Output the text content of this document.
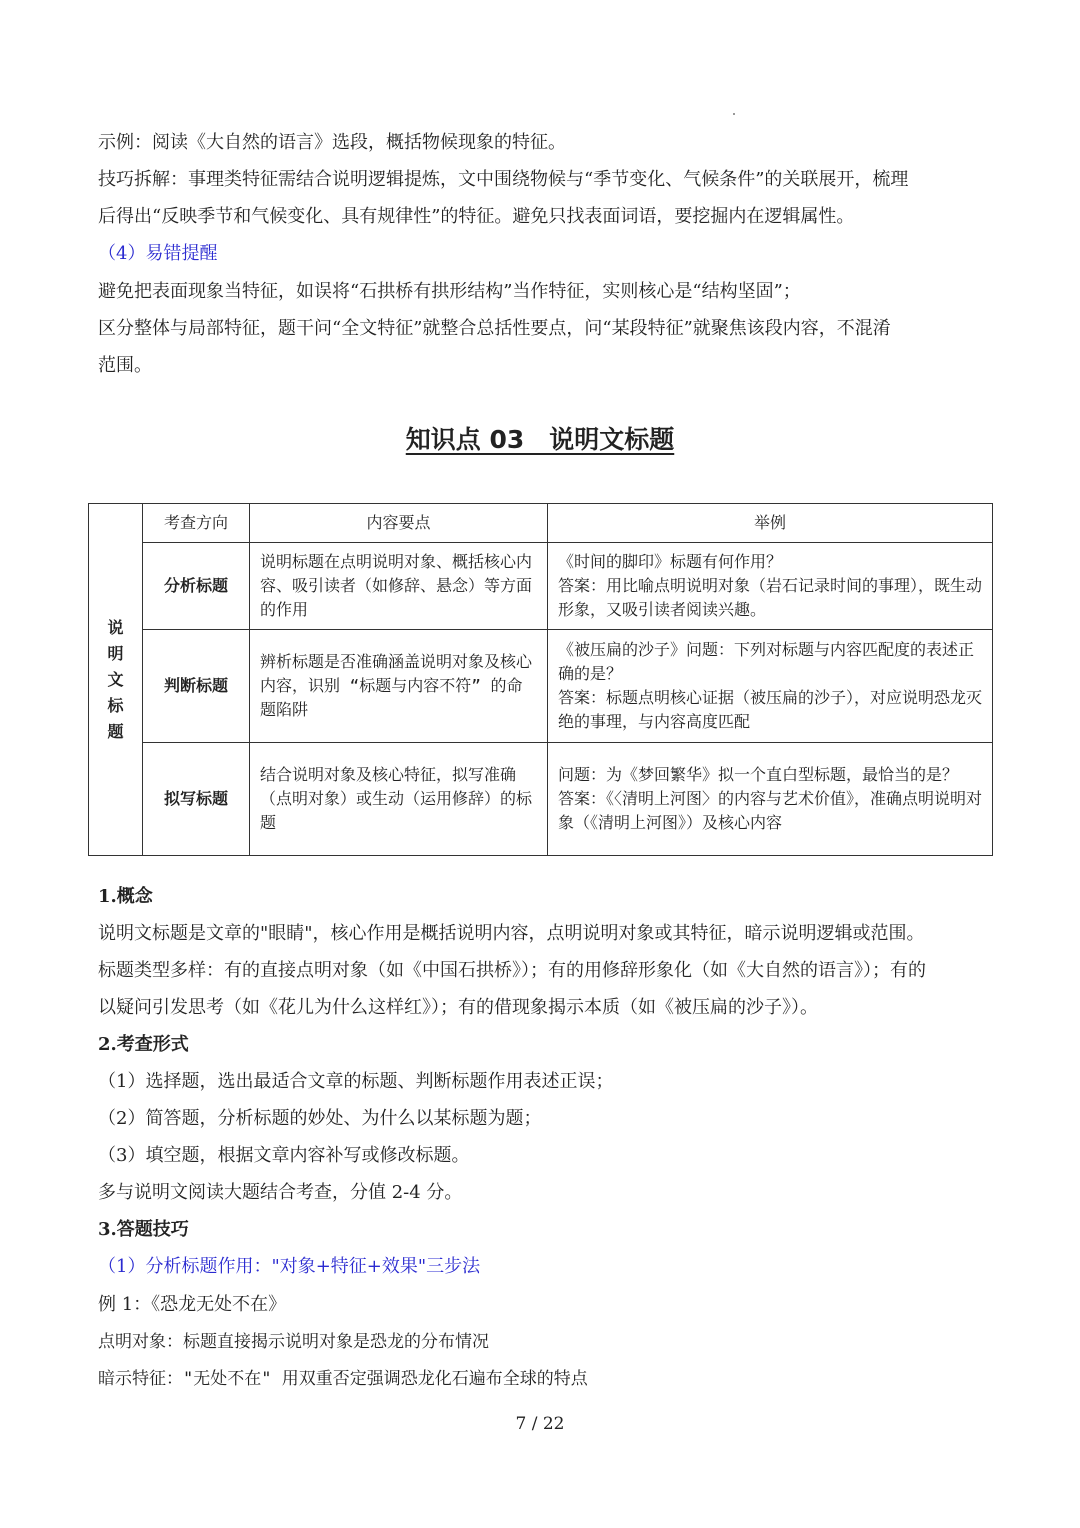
示例：阅读《大自然的语言》选段，概括物候现象的特征。
技巧拆解：事理类特征需结合说明逻辑提炼，文中围绕物候与“季节变化、气候条件”的关联展开，梳理
后得出“反映季节和气候变化、具有规律性”的特征。避免只找表面词语，要挖掘内在逻辑属性。
（4）易错提醒
避免把表面现象当特征，如误将“石拱桥有拱形结构”当作特征，实则核心是“结构坚固”；
区分整体与局部特征，题干问“全文特征”就整合总括性要点，问“某段特征”就聚焦该段内容，不混淆
范围。
知识点 03　说明文标题
说明文标题	考查方向	内容要点	举例
	分析标题	说明标题在点明说明对象、概括核心内容、吸引读者（如修辞、悬念）等方面的作用	《时间的脚印》标题有何作用？
答案：用比喻点明说明对象（岩石记录时间的事理），既生动形象，又吸引读者阅读兴趣。
	判断标题	辨析标题是否准确涵盖说明对象及核心内容，识别 “标题与内容不符” 的命题陷阱	《被压扁的沙子》问题：下列对标题与内容匹配度的表述正确的是？
答案：标题点明核心证据（被压扁的沙子），对应说明恐龙灭绝的事理，与内容高度匹配
	拟写标题	结合说明对象及核心特征，拟写准确（点明对象）或生动（运用修辞）的标题	问题：为《梦回繁华》拟一个直白型标题，最恰当的是？
答案：《〈清明上河图〉的内容与艺术价值》，准确点明说明对象（《清明上河图》）及核心内容
1.概念
说明文标题是文章的"眼睛"，核心作用是概括说明内容，点明说明对象或其特征，暗示说明逻辑或范围。
标题类型多样：有的直接点明对象（如《中国石拱桥》）；有的用修辞形象化（如《大自然的语言》）；有的
以疑问引发思考（如《花儿为什么这样红》）；有的借现象揭示本质（如《被压扁的沙子》）。
2.考查形式
（1）选择题，选出最适合文章的标题、判断标题作用表述正误；
（2）简答题，分析标题的妙处、为什么以某标题为题；
（3）填空题，根据文章内容补写或修改标题。
多与说明文阅读大题结合考查，分值 2-4 分。
3.答题技巧
（1）分析标题作用："对象+特征+效果"三步法
例 1：《恐龙无处不在》
点明对象：标题直接揭示说明对象是恐龙的分布情况
暗示特征："无处不在" 用双重否定强调恐龙化石遍布全球的特点
7 / 22
